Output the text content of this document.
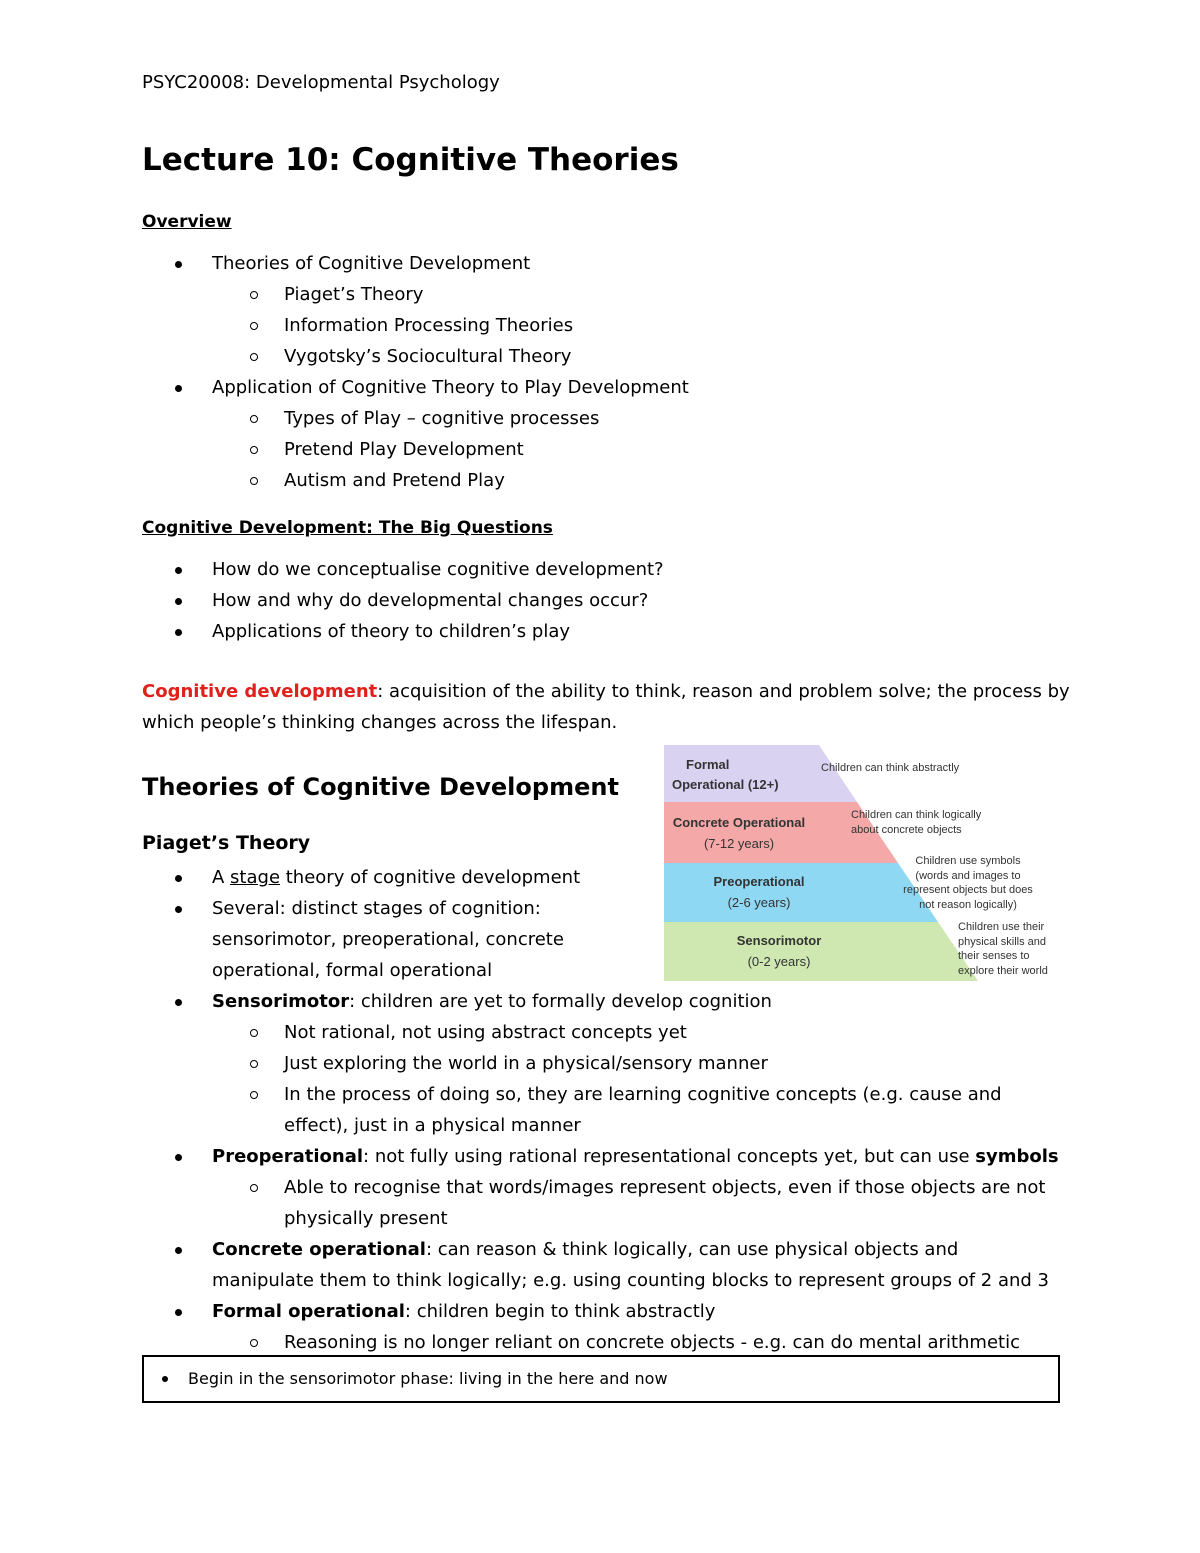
PSYC20008: Developmental Psychology
Lecture 10: Cognitive Theories
Overview
Theories of Cognitive Development
Piaget’s Theory
Information Processing Theories
Vygotsky’s Sociocultural Theory
Application of Cognitive Theory to Play Development
Types of Play – cognitive processes
Pretend Play Development
Autism and Pretend Play
Cognitive Development: The Big Questions
How do we conceptualise cognitive development?
How and why do developmental changes occur?
Applications of theory to children’s play

Cognitive development: acquisition of the ability to think, reason and problem solve; the process by which people’s thinking changes across the lifespan.

Theories of Cognitive Development
Piaget’s Theory
A stage theory of cognitive development
Several: distinct stages of cognition: sensorimotor, preoperational, concrete operational, formal operational
Sensorimotor: children are yet to formally develop cognition
Not rational, not using abstract concepts yet
Just exploring the world in a physical/sensory manner
In the process of doing so, they are learning cognitive concepts (e.g. cause and effect), just in a physical manner
Preoperational: not fully using rational representational concepts yet, but can use symbols
Able to recognise that words/images represent objects, even if those objects are not physically present
Concrete operational: can reason & think logically, can use physical objects and manipulate them to think logically; e.g. using counting blocks to represent groups of 2 and 3
Formal operational: children begin to think abstractly
Reasoning is no longer reliant on concrete objects - e.g. can do mental arithmetic
Formal
Operational (12+)
Concrete Operational
(7-12 years)
Preoperational
(2-6 years)
Sensorimotor
(0-2 years)
Children can think abstractly
Children can think logically
about concrete objects
Children use symbols
(words and images to
represent objects but does
not reason logically)
Children use their
physical skills and
their senses to
explore their world
Begin in the sensorimotor phase: living in the here and now
